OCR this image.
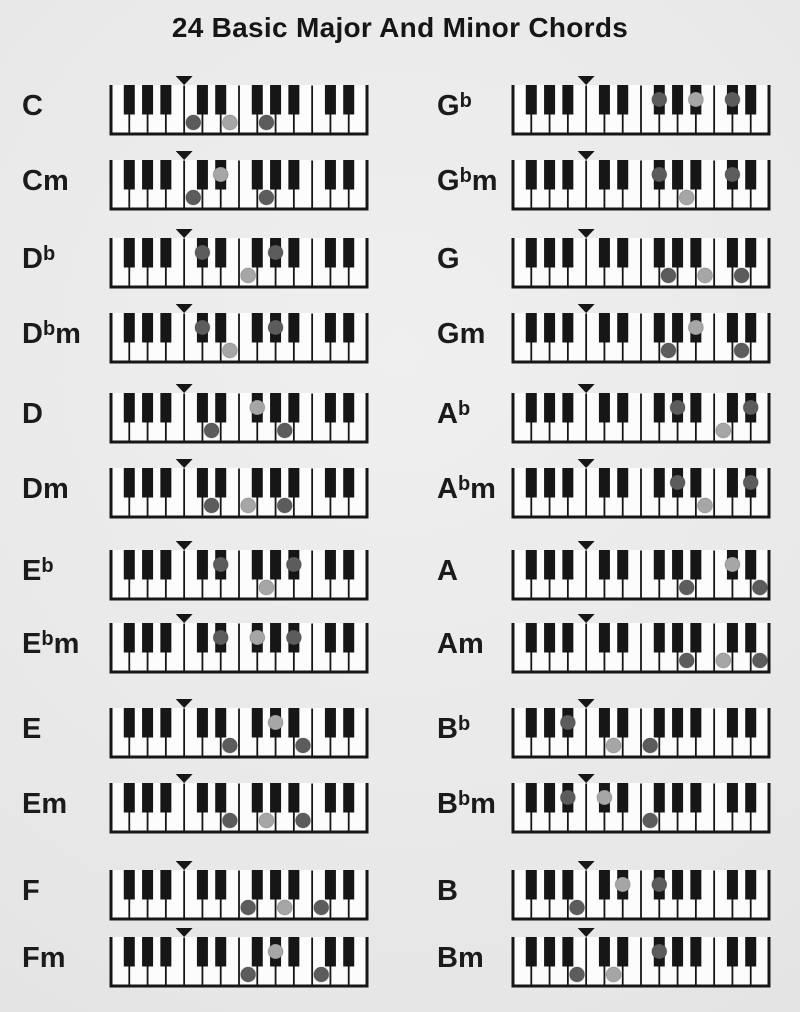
24 Basic Major And Minor Chords
C
Cm
$D^b$
$D^bm$
D
Dm
$E^b$
$E^bm$
E
Em
F
Fm
$G^b$
$G^bm$
G
Gm
$A^b$
$A^bm$
A
Am
$B^b$
$B^bm$
B
Bm
